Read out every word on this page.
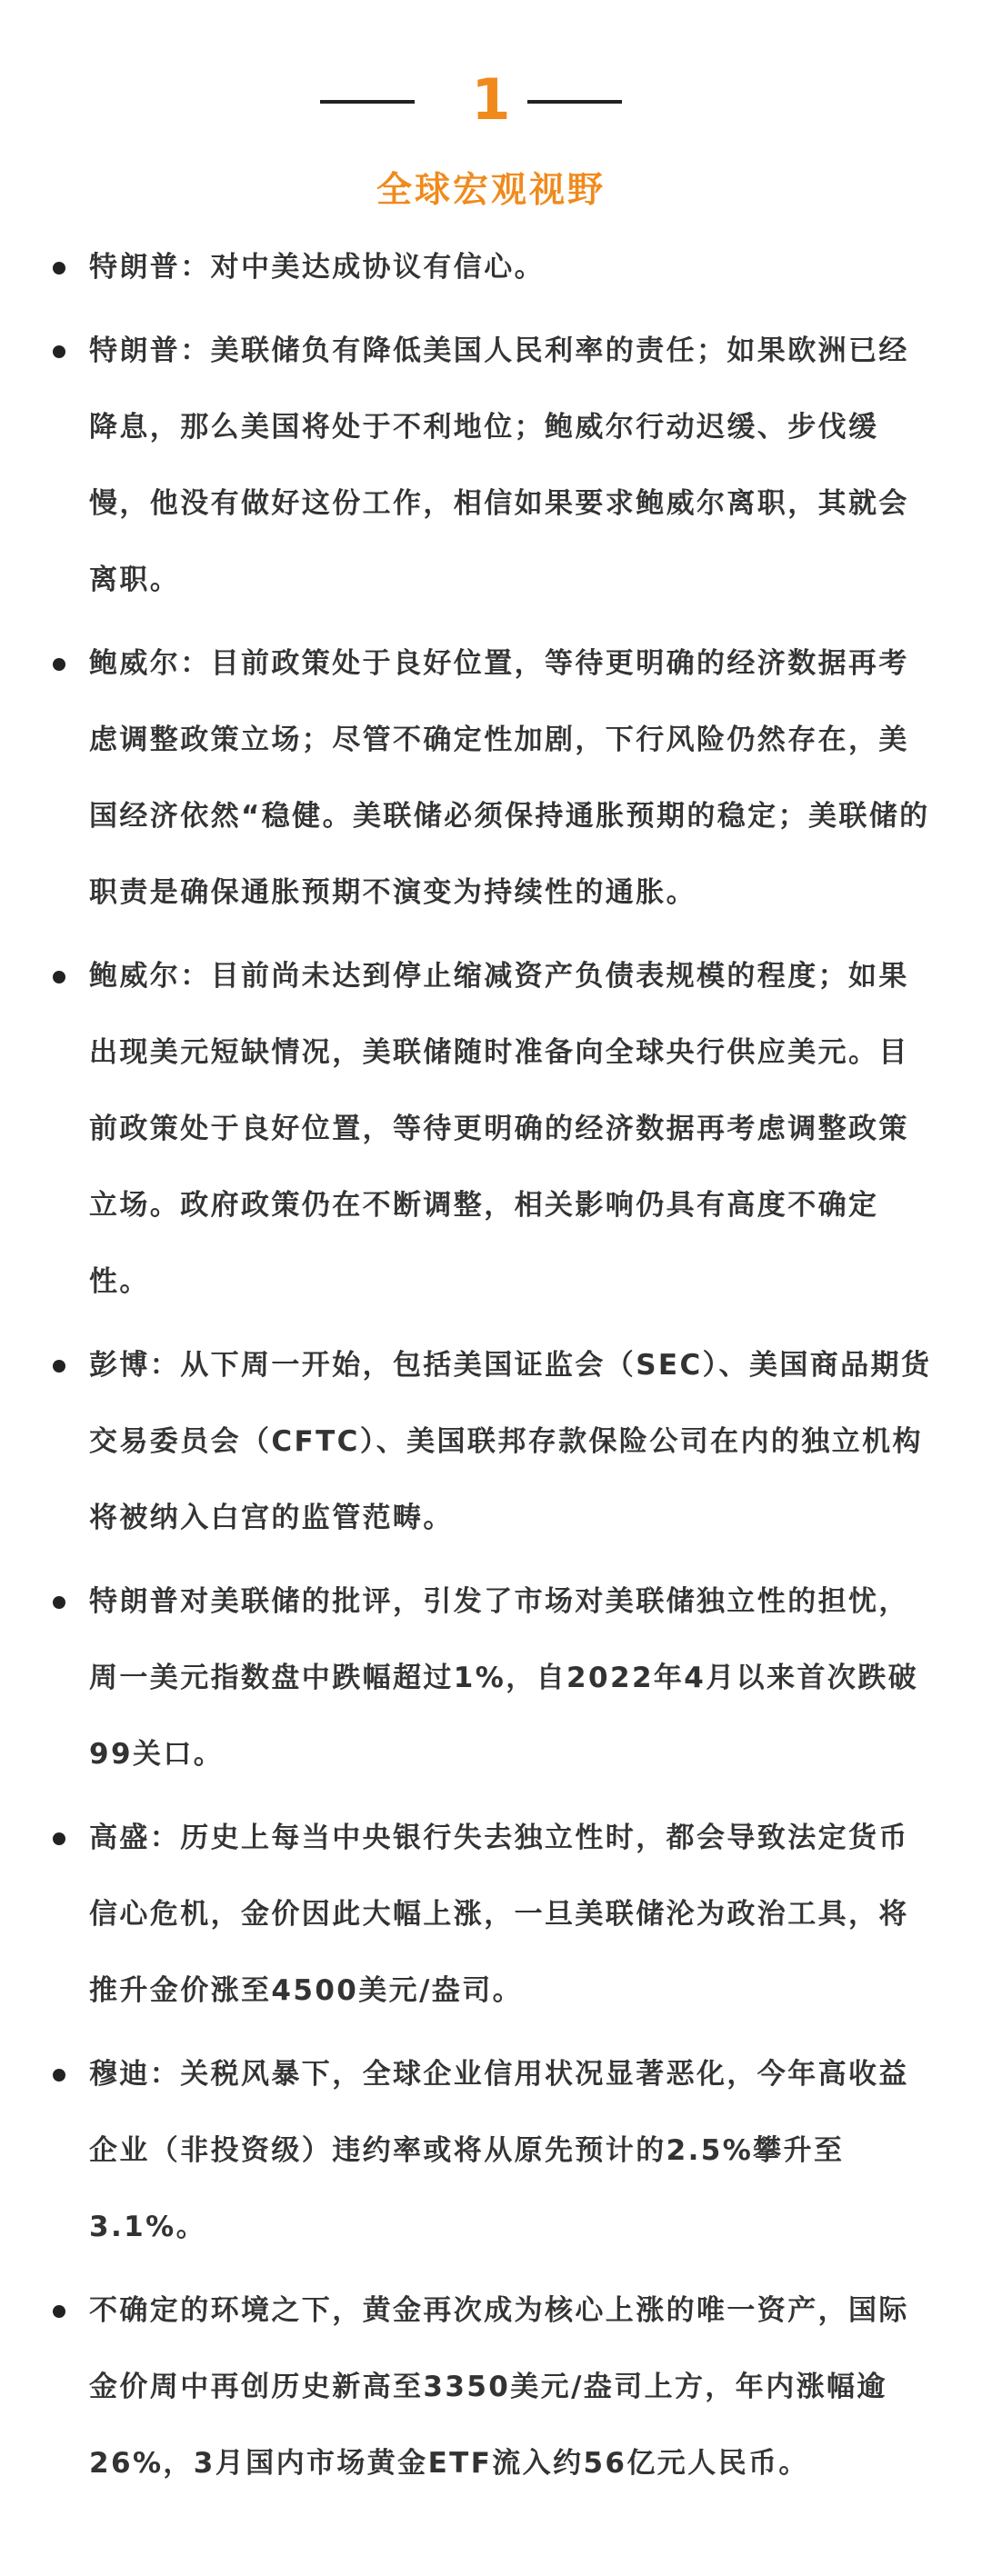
1
全球宏观视野
特朗普：对中美达成协议有信心。
特朗普：美联储负有降低美国人民利率的责任；如果欧洲已经降息，那么美国将处于不利地位；鲍威尔行动迟缓、步伐缓慢，他没有做好这份工作，相信如果要求鲍威尔离职，其就会离职。
鲍威尔：目前政策处于良好位置，等待更明确的经济数据再考虑调整政策立场；尽管不确定性加剧，下行风险仍然存在，美国经济依然“稳健。美联储必须保持通胀预期的稳定；美联储的职责是确保通胀预期不演变为持续性的通胀。
鲍威尔：目前尚未达到停止缩减资产负债表规模的程度；如果出现美元短缺情况，美联储随时准备向全球央行供应美元。目前政策处于良好位置，等待更明确的经济数据再考虑调整政策立场。政府政策仍在不断调整，相关影响仍具有高度不确定性。
彭博：从下周一开始，包括美国证监会（SEC）、美国商品期货交易委员会（CFTC）、美国联邦存款保险公司在内的独立机构将被纳入白宫的监管范畴。
特朗普对美联储的批评，引发了市场对美联储独立性的担忧，周一美元指数盘中跌幅超过1%，自2022年4月以来首次跌破99关口。
高盛：历史上每当中央银行失去独立性时，都会导致法定货币信心危机，金价因此大幅上涨，一旦美联储沦为政治工具，将推升金价涨至4500美元/盎司。
穆迪：关税风暴下，全球企业信用状况显著恶化，今年高收益企业（非投资级）违约率或将从原先预计的2.5%攀升至3.1%。
不确定的环境之下，黄金再次成为核心上涨的唯一资产，国际金价周中再创历史新高至3350美元/盎司上方，年内涨幅逾26%，3月国内市场黄金ETF流入约56亿元人民币。
